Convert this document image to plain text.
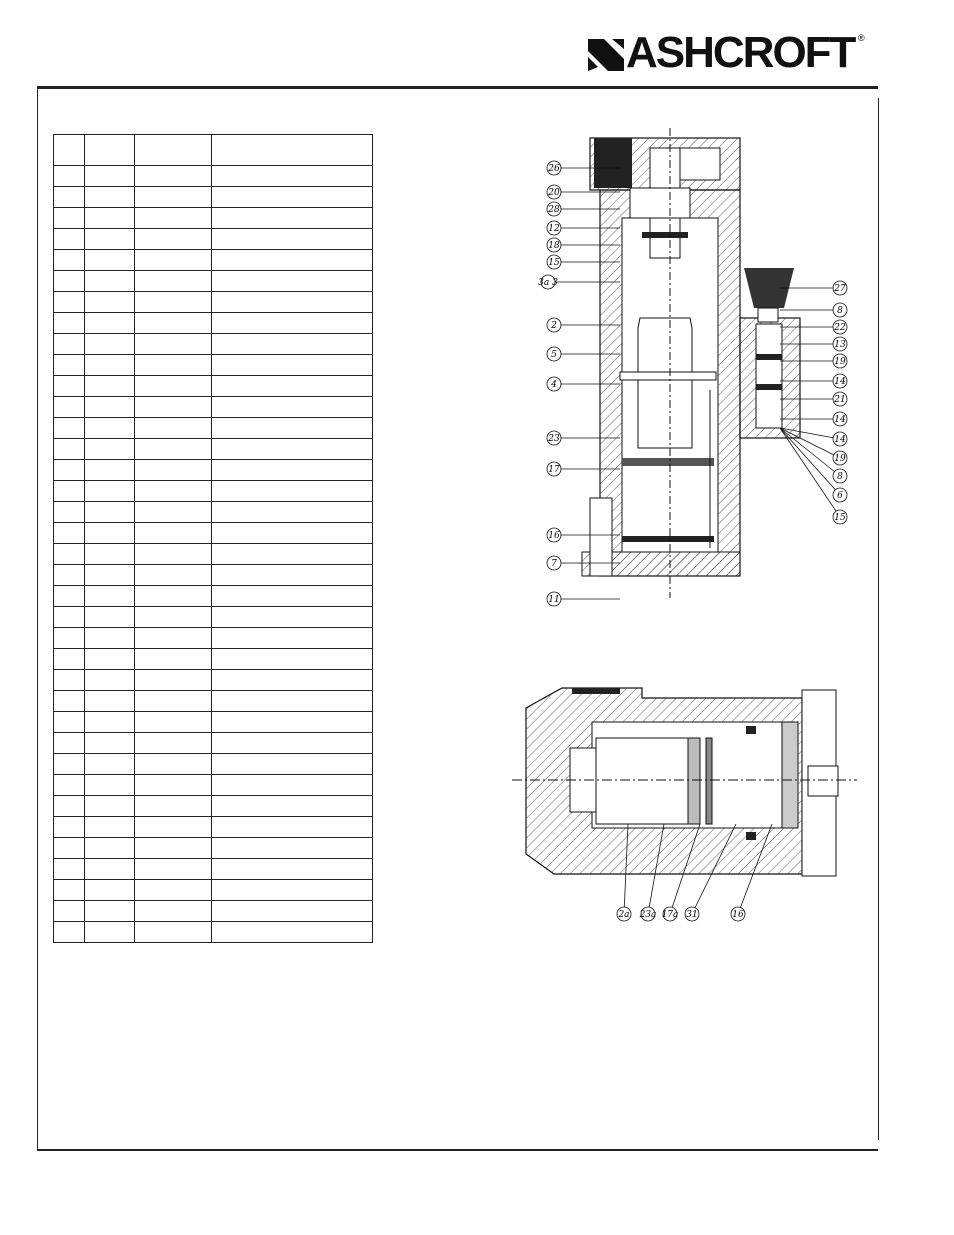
ASHCROFT ®

26
20
28
12
18
15
3a 3
2
5
4
23
17
16
7
11
27
8
22
13
19
14
21
14
14
19
8
6
15
2a 23a 17a 31	16
